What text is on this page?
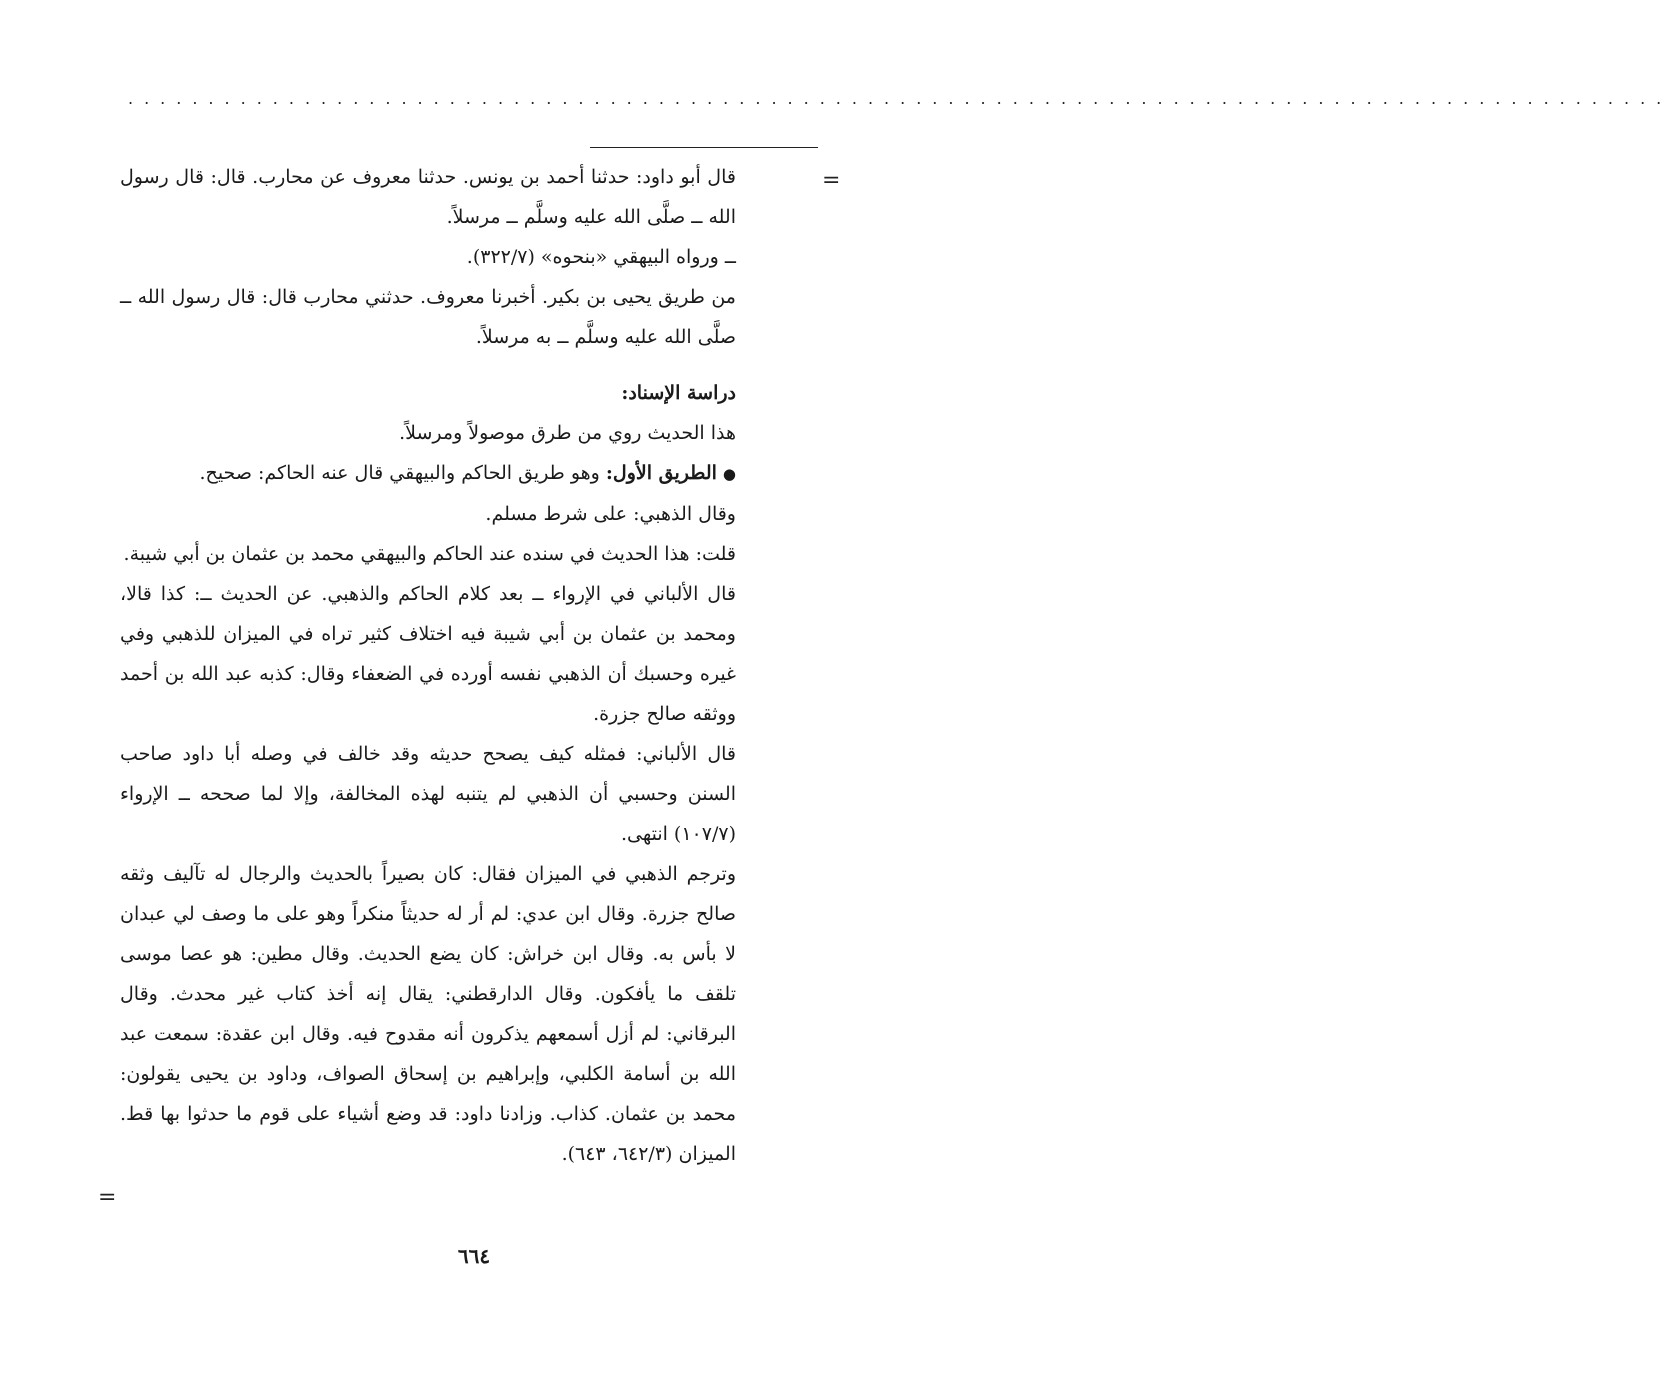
................................................................................................
=

قال أبو داود: حدثنا أحمد بن يونس. حدثنا معروف عن محارب. قال: قال رسول الله ــ صلَّى الله عليه وسلَّم ــ مرسلاً.

ــ ورواه البيهقي «بنحوه» (٣٢٢/٧).

من طريق يحيى بن بكير. أخبرنا معروف. حدثني محارب قال: قال رسول الله ــ صلَّى الله عليه وسلَّم ــ به مرسلاً.

دراسة الإسناد:

هذا الحديث روي من طرق موصولاً ومرسلاً.

●الطريق الأول: وهو طريق الحاكم والبيهقي قال عنه الحاكم: صحيح.

وقال الذهبي: على شرط مسلم.

قلت: هذا الحديث في سنده عند الحاكم والبيهقي محمد بن عثمان بن أبي شيبة.

قال الألباني في الإرواء ــ بعد كلام الحاكم والذهبي. عن الحديث ــ: كذا قالا، ومحمد بن عثمان بن أبي شيبة فيه اختلاف كثير تراه في الميزان للذهبي وفي غيره وحسبك أن الذهبي نفسه أورده في الضعفاء وقال: كذبه عبد الله بن أحمد ووثقه صالح جزرة.

قال الألباني: فمثله كيف يصحح حديثه وقد خالف في وصله أبا داود صاحب السنن وحسبي أن الذهبي لم يتنبه لهذه المخالفة، وإلا لما صححه ــ الإرواء (١٠٧/٧) انتهى.

وترجم الذهبي في الميزان فقال: كان بصيراً بالحديث والرجال له تآليف وثقه صالح جزرة. وقال ابن عدي: لم أر له حديثاً منكراً وهو على ما وصف لي عبدان لا بأس به. وقال ابن خراش: كان يضع الحديث. وقال مطين: هو عصا موسى تلقف ما يأفكون. وقال الدارقطني: يقال إنه أخذ كتاب غير محدث. وقال البرقاني: لم أزل أسمعهم يذكرون أنه مقدوح فيه. وقال ابن عقدة: سمعت عبد الله بن أسامة الكلبي، وإبراهيم بن إسحاق الصواف، وداود بن يحيى يقولون: محمد بن عثمان. كذاب. وزادنا داود: قد وضع أشياء على قوم ما حدثوا بها قط. الميزان (٦٤٢/٣، ٦٤٣).

=
٦٦٤
